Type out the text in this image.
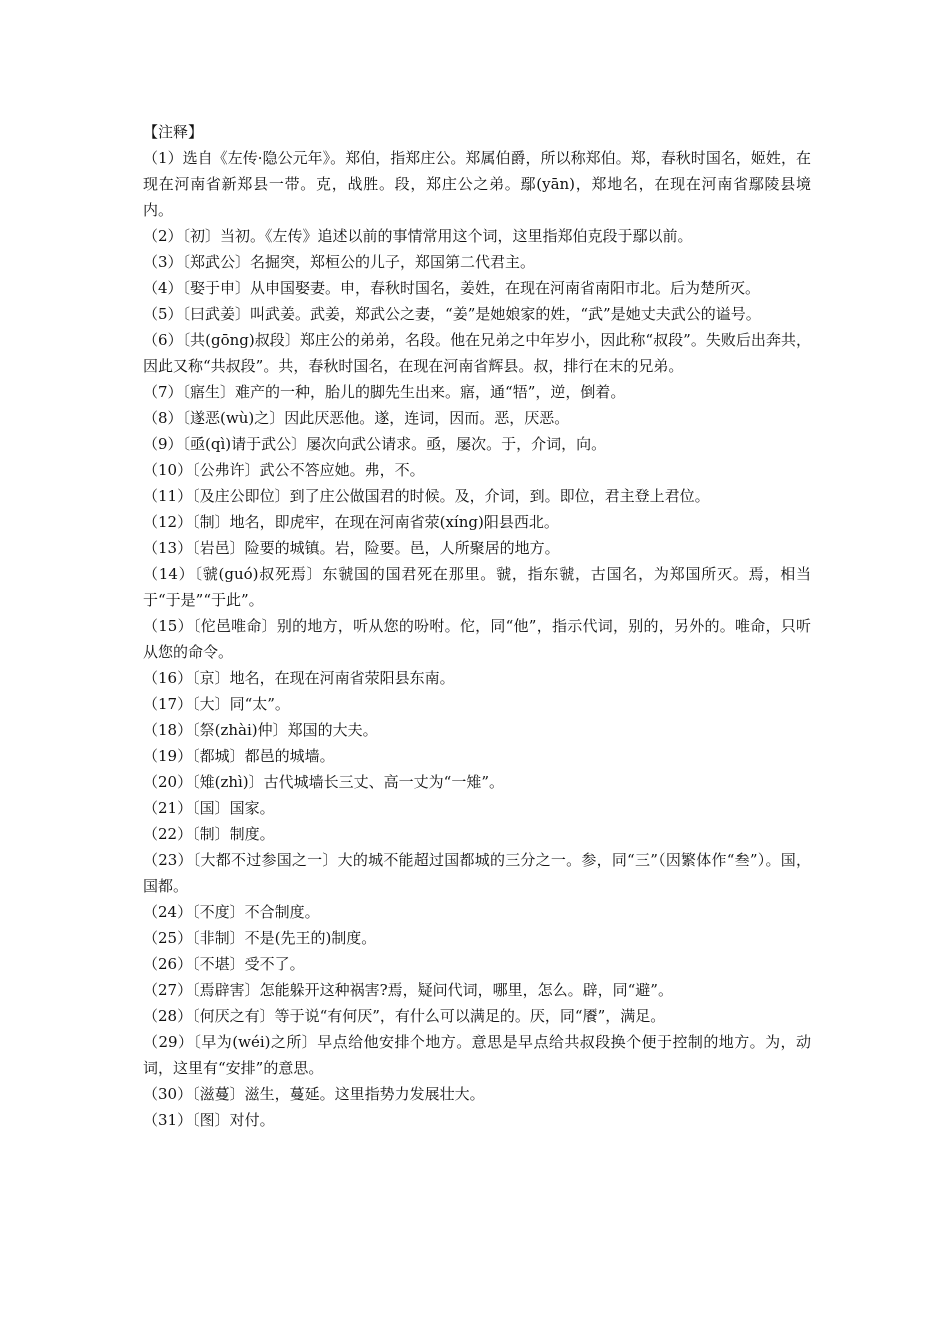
【注释】

（1）选自《左传·隐公元年》。郑伯，指郑庄公。郑属伯爵，所以称郑伯。郑，春秋时国名，姬姓，在现在河南省新郑县一带。克，战胜。段，郑庄公之弟。鄢(yān)，郑地名，在现在河南省鄢陵县境内。

（2）〔初〕当初。《左传》追述以前的事情常用这个词，这里指郑伯克段于鄢以前。

（3）〔郑武公〕名掘突，郑桓公的儿子，郑国第二代君主。

（4）〔娶于申〕从申国娶妻。申，春秋时国名，姜姓，在现在河南省南阳市北。后为楚所灭。

（5）〔曰武姜〕叫武姜。武姜，郑武公之妻，“姜”是她娘家的姓，“武”是她丈夫武公的谥号。

（6）〔共(gōng)叔段〕郑庄公的弟弟，名段。他在兄弟之中年岁小，因此称“叔段”。失败后出奔共，因此又称“共叔段”。共，春秋时国名，在现在河南省辉县。叔，排行在末的兄弟。

（7）〔寤生〕难产的一种，胎儿的脚先生出来。寤，通“牾”，逆，倒着。

（8）〔遂恶(wù)之〕因此厌恶他。遂，连词，因而。恶，厌恶。

（9）〔亟(qì)请于武公〕屡次向武公请求。亟，屡次。于，介词，向。

（10）〔公弗许〕武公不答应她。弗，不。

（11）〔及庄公即位〕到了庄公做国君的时候。及，介词，到。即位，君主登上君位。

（12）〔制〕地名，即虎牢，在现在河南省荥(xíng)阳县西北。

（13）〔岩邑〕险要的城镇。岩，险要。邑，人所聚居的地方。

（14）〔虢(guó)叔死焉〕东虢国的国君死在那里。虢，指东虢，古国名，为郑国所灭。焉，相当于“于是”“于此”。

（15）〔佗邑唯命〕别的地方，听从您的吩咐。佗，同“他”，指示代词，别的，另外的。唯命，只听从您的命令。

（16）〔京〕地名，在现在河南省荥阳县东南。

（17）〔大〕同“太”。

（18）〔祭(zhài)仲〕郑国的大夫。

（19）〔都城〕都邑的城墙。

（20）〔雉(zhì)〕古代城墙长三丈、高一丈为“一雉”。

（21）〔国〕国家。

（22）〔制〕制度。

（23）〔大都不过参国之一〕大的城不能超过国都城的三分之一。参，同“三”（因繁体作“叁”）。国，国都。

（24）〔不度〕不合制度。

（25）〔非制〕不是(先王的)制度。

（26）〔不堪〕受不了。

（27）〔焉辟害〕怎能躲开这种祸害?焉，疑问代词，哪里，怎么。辟，同“避”。

（28）〔何厌之有〕等于说“有何厌”，有什么可以满足的。厌，同“餍”，满足。

（29）〔早为(wéi)之所〕早点给他安排个地方。意思是早点给共叔段换个便于控制的地方。为，动词，这里有“安排”的意思。

（30）〔滋蔓〕滋生，蔓延。这里指势力发展壮大。

（31）〔图〕对付。
